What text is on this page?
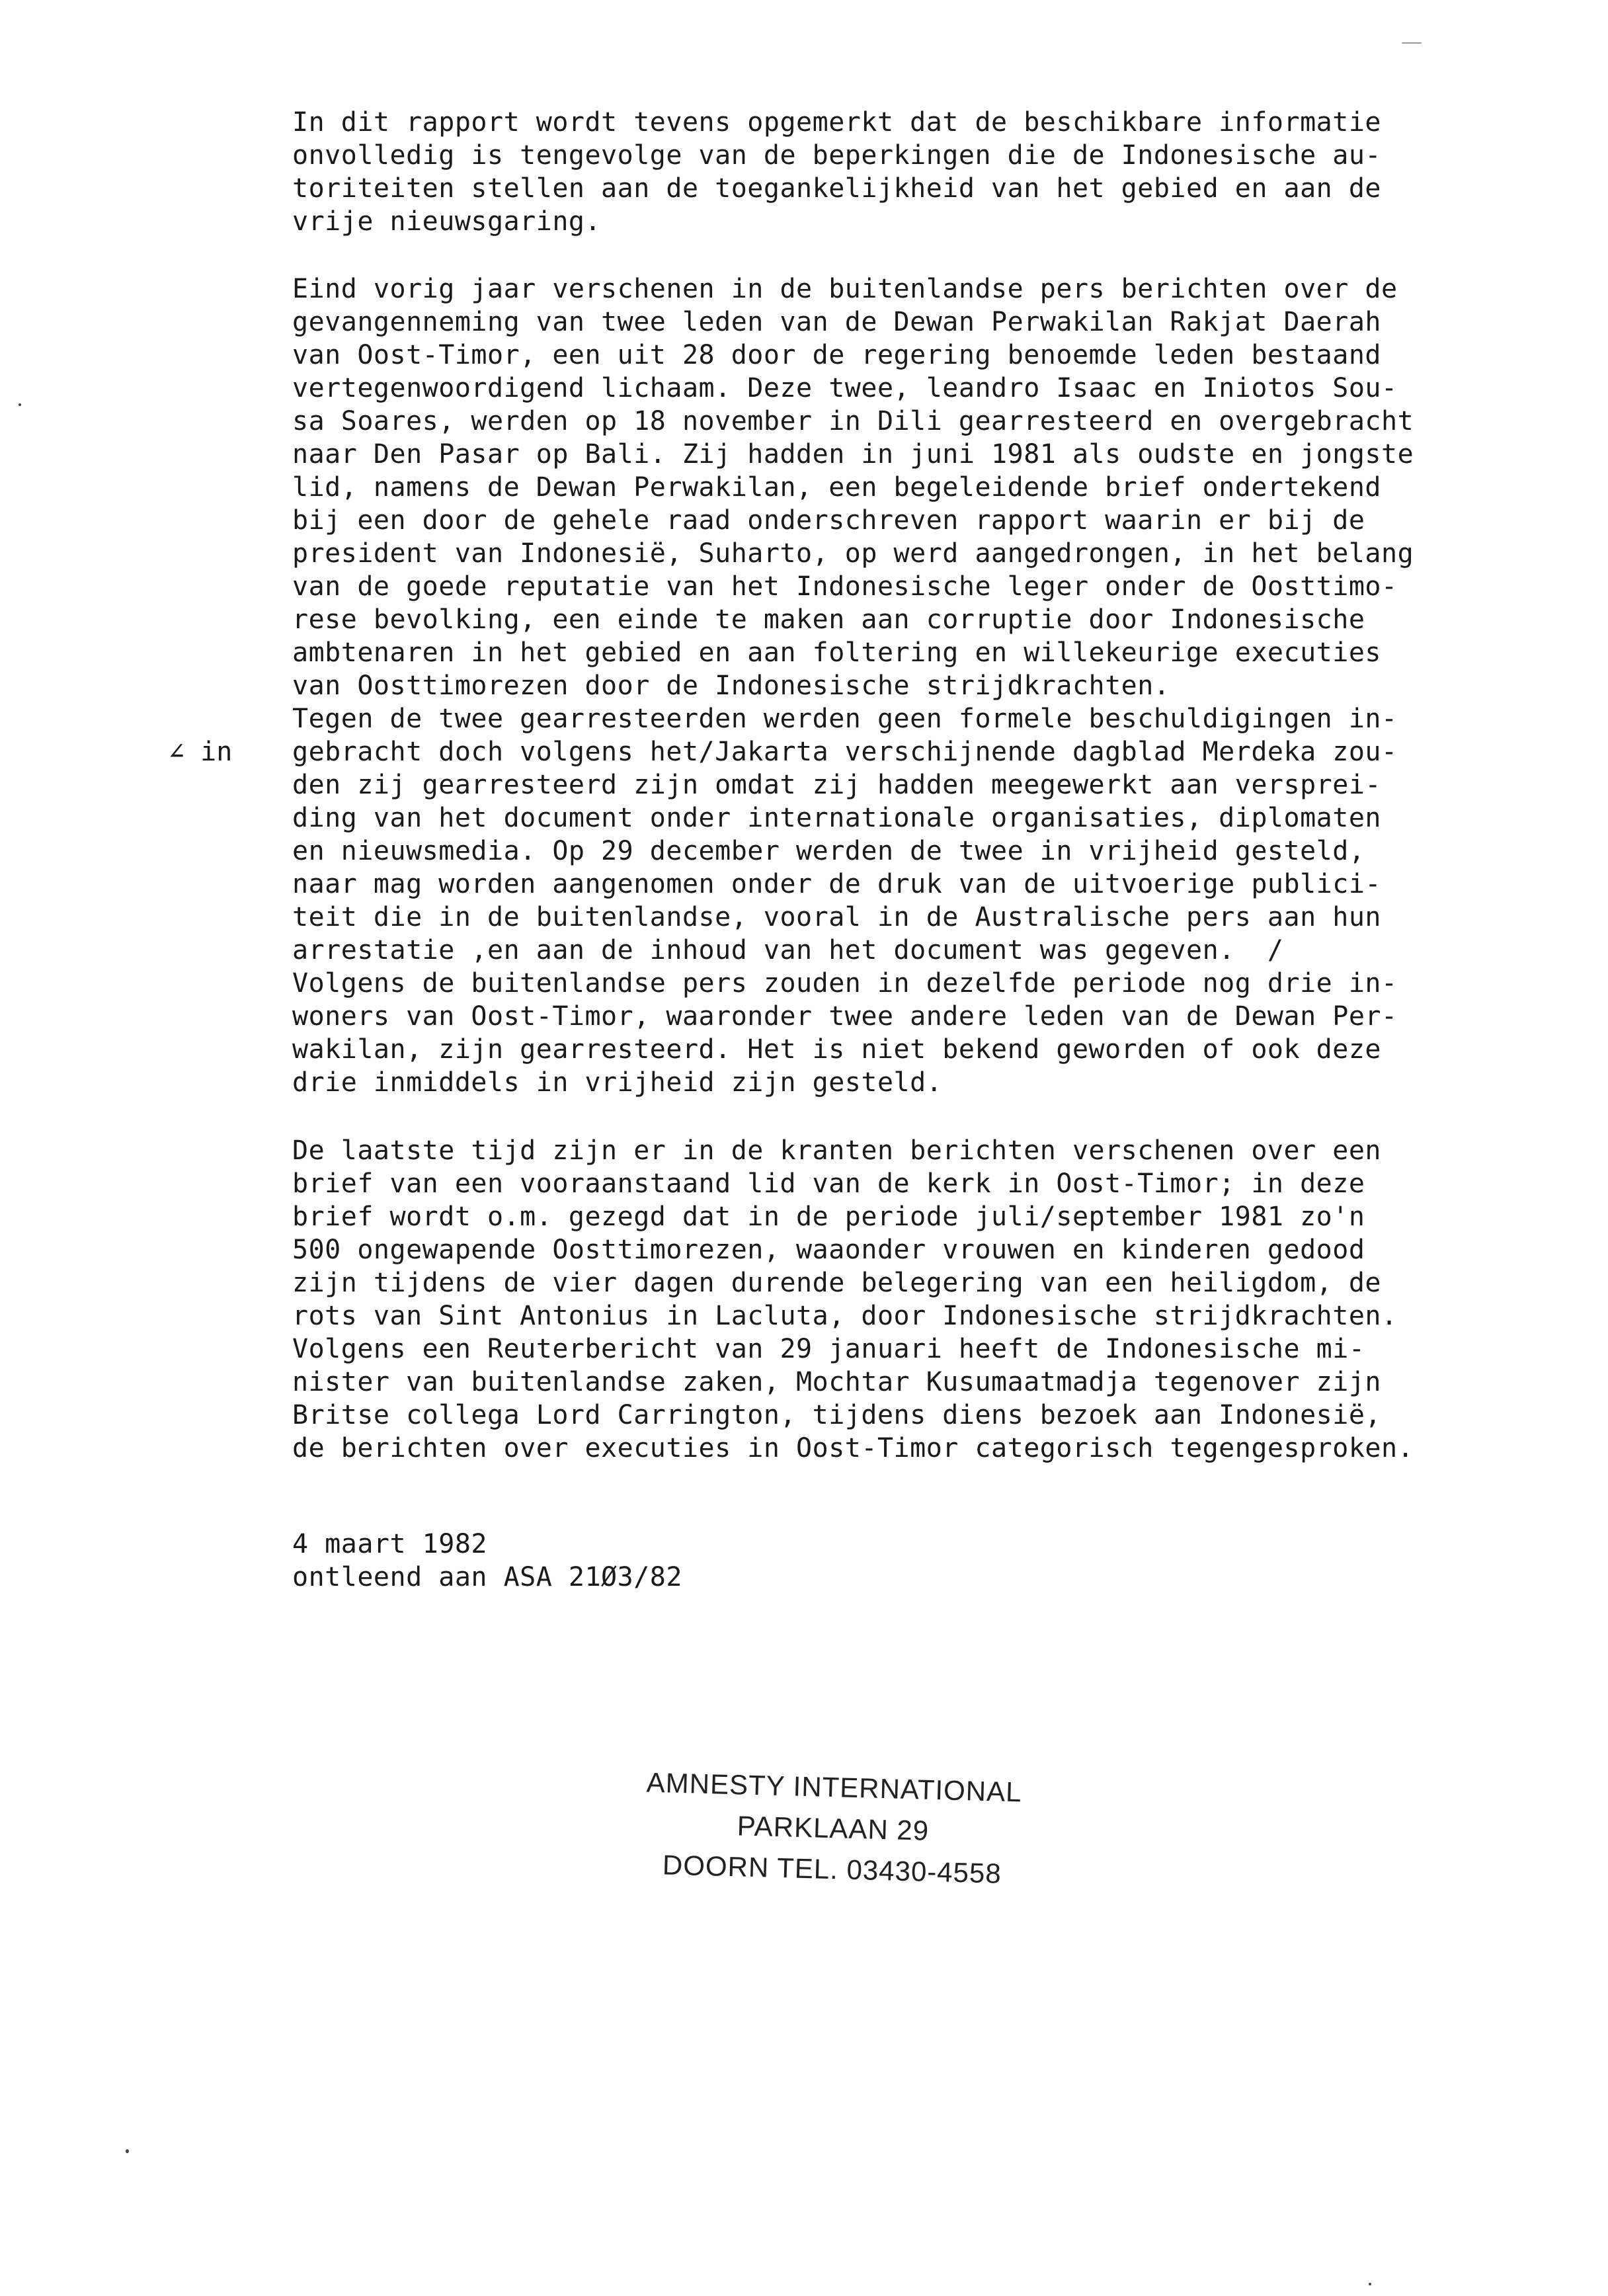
In dit rapport wordt tevens opgemerkt dat de beschikbare informatie
onvolledig is tengevolge van de beperkingen die de Indonesische au-
toriteiten stellen aan de toegankelijkheid van het gebied en aan de
vrije nieuwsgaring.
Eind vorig jaar verschenen in de buitenlandse pers berichten over de
gevangenneming van twee leden van de Dewan Perwakilan Rakjat Daerah
van Oost-Timor, een uit 28 door de regering benoemde leden bestaand
vertegenwoordigend lichaam. Deze twee, leandro Isaac en Iniotos Sou-
sa Soares, werden op 18 november in Dili gearresteerd en overgebracht
naar Den Pasar op Bali. Zij hadden in juni 1981 als oudste en jongste
lid, namens de Dewan Perwakilan, een begeleidende brief ondertekend
bij een door de gehele raad onderschreven rapport waarin er bij de
president van Indonesië, Suharto, op werd aangedrongen, in het belang
van de goede reputatie van het Indonesische leger onder de Oosttimo-
rese bevolking, een einde te maken aan corruptie door Indonesische
ambtenaren in het gebied en aan foltering en willekeurige executies
van Oosttimorezen door de Indonesische strijdkrachten.
Tegen de twee gearresteerden werden geen formele beschuldigingen in-
gebracht doch volgens het/Jakarta verschijnende dagblad Merdeka zou-
den zij gearresteerd zijn omdat zij hadden meegewerkt aan versprei-
ding van het document onder internationale organisaties, diplomaten
en nieuwsmedia. Op 29 december werden de twee in vrijheid gesteld,
naar mag worden aangenomen onder de druk van de uitvoerige publici-
teit die in de buitenlandse, vooral in de Australische pers aan hun
arrestatie ,en aan de inhoud van het document was gegeven.  /
Volgens de buitenlandse pers zouden in dezelfde periode nog drie in-
woners van Oost-Timor, waaronder twee andere leden van de Dewan Per-
wakilan, zijn gearresteerd. Het is niet bekend geworden of ook deze
drie inmiddels in vrijheid zijn gesteld.
∠ in
De laatste tijd zijn er in de kranten berichten verschenen over een
brief van een vooraanstaand lid van de kerk in Oost-Timor; in deze
brief wordt o.m. gezegd dat in de periode juli/september 1981 zo'n
500 ongewapende Oosttimorezen, waaonder vrouwen en kinderen gedood
zijn tijdens de vier dagen durende belegering van een heiligdom, de
rots van Sint Antonius in Lacluta, door Indonesische strijdkrachten.
Volgens een Reuterbericht van 29 januari heeft de Indonesische mi-
nister van buitenlandse zaken, Mochtar Kusumaatmadja tegenover zijn
Britse collega Lord Carrington, tijdens diens bezoek aan Indonesië,
de berichten over executies in Oost-Timor categorisch tegengesproken.
4 maart 1982
ontleend aan ASA 21Ø3/82
AMNESTY INTERNATIONAL
PARKLAAN 29
DOORN TEL. 03430-4558
